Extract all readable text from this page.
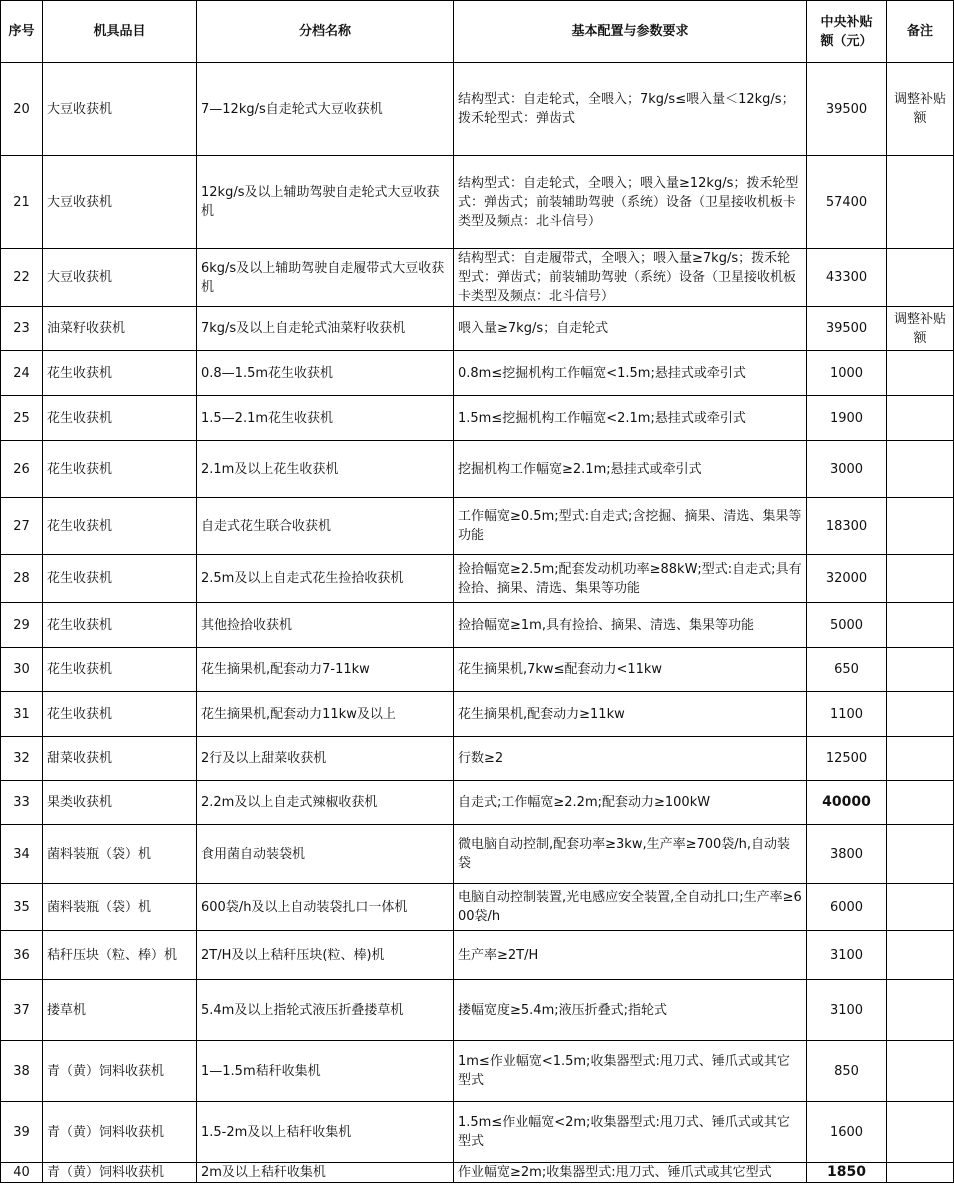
序号	机具品目	分档名称	基本配置与参数要求	中央补贴额（元）	备注
20	大豆收获机	7—12kg/s自走轮式大豆收获机	结构型式：自走轮式，全喂入；7kg/s≤喂入量＜12kg/s；拨禾轮型式：弹齿式	39500	调整补贴额
21	大豆收获机	12kg/s及以上辅助驾驶自走轮式大豆收获机	结构型式：自走轮式，全喂入；喂入量≥12kg/s；拨禾轮型式：弹齿式；前装辅助驾驶（系统）设备（卫星接收机板卡类型及频点：北斗信号）	57400	
22	大豆收获机	6kg/s及以上辅助驾驶自走履带式大豆收获机	结构型式：自走履带式，全喂入；喂入量≥7kg/s；拨禾轮型式：弹齿式；前装辅助驾驶（系统）设备（卫星接收机板卡类型及频点：北斗信号）	43300	
23	油菜籽收获机	7kg/s及以上自走轮式油菜籽收获机	喂入量≥7kg/s；自走轮式	39500	调整补贴额
24	花生收获机	0.8—1.5m花生收获机	0.8m≤挖掘机构工作幅宽<1.5m;悬挂式或牵引式	1000	
25	花生收获机	1.5—2.1m花生收获机	1.5m≤挖掘机构工作幅宽<2.1m;悬挂式或牵引式	1900	
26	花生收获机	2.1m及以上花生收获机	挖掘机构工作幅宽≥2.1m;悬挂式或牵引式	3000	
27	花生收获机	自走式花生联合收获机	工作幅宽≥0.5m;型式:自走式;含挖掘、摘果、清选、集果等功能	18300	
28	花生收获机	2.5m及以上自走式花生捡拾收获机	捡拾幅宽≥2.5m;配套发动机功率≥88kW;型式:自走式;具有捡拾、摘果、清选、集果等功能	32000	
29	花生收获机	其他捡拾收获机	捡拾幅宽≥1m,具有捡拾、摘果、清选、集果等功能	5000	
30	花生收获机	花生摘果机,配套动力7-11kw	花生摘果机,7kw≤配套动力<11kw	650	
31	花生收获机	花生摘果机,配套动力11kw及以上	花生摘果机,配套动力≥11kw	1100	
32	甜菜收获机	2行及以上甜菜收获机	行数≥2	12500	
33	果类收获机	2.2m及以上自走式辣椒收获机	自走式;工作幅宽≥2.2m;配套动力≥100kW	40000	
34	菌料装瓶（袋）机	食用菌自动装袋机	微电脑自动控制,配套功率≥3kw,生产率≥700袋/h,自动装袋	3800	
35	菌料装瓶（袋）机	600袋/h及以上自动装袋扎口一体机	电脑自动控制装置,光电感应安全装置,全自动扎口;生产率≥600袋/h	6000	
36	秸秆压块（粒、棒）机	2T/H及以上秸秆压块(粒、棒)机	生产率≥2T/H	3100	
37	搂草机	5.4m及以上指轮式液压折叠搂草机	搂幅宽度≥5.4m;液压折叠式;指轮式	3100	
38	青（黄）饲料收获机	1—1.5m秸秆收集机	1m≤作业幅宽<1.5m;收集器型式:甩刀式、锤爪式或其它型式	850	
39	青（黄）饲料收获机	1.5-2m及以上秸秆收集机	1.5m≤作业幅宽<2m;收集器型式:甩刀式、锤爪式或其它型式	1600	
40	青（黄）饲料收获机	2m及以上秸秆收集机	作业幅宽≥2m;收集器型式:甩刀式、锤爪式或其它型式	1850	
